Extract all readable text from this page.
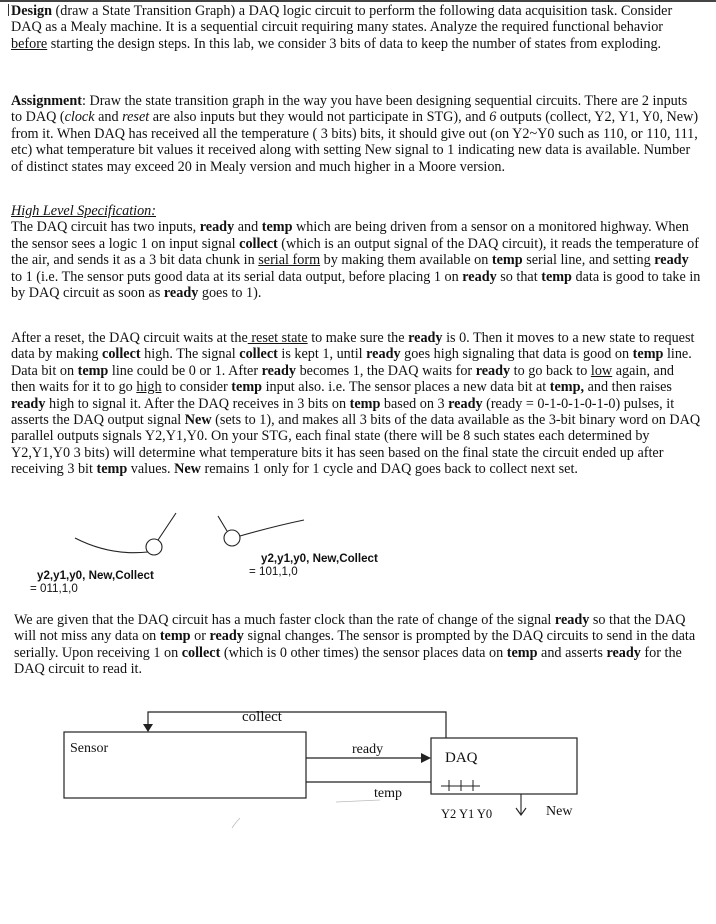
Design (draw a State Transition Graph) a DAQ logic circuit to perform the following data acquisition task. Consider DAQ as a Mealy machine. It is a sequential circuit requiring many states. Analyze the required functional behavior before starting the design steps. In this lab, we consider 3 bits of data to keep the number of states from exploding.

Assignment: Draw the state transition graph in the way you have been designing sequential circuits. There are 2 inputs to DAQ (clock and reset are also inputs but they would not participate in STG), and 6 outputs (collect, Y2, Y1, Y0, New) from it. When DAQ has received all the temperature ( 3 bits) bits, it should give out (on Y2~Y0 such as 110, or 110, 111, etc) what temperature bit values it received along with setting New signal to 1 indicating new data is available. Number of distinct states may exceed 20 in Mealy version and much higher in a Moore version.

High Level Specification:
The DAQ circuit has two inputs, ready and temp which are being driven from a sensor on a monitored highway. When the sensor sees a logic 1 on input signal collect (which is an output signal of the DAQ circuit), it reads the temperature of the air, and sends it as a 3 bit data chunk in serial form by making them available on temp serial line, and setting ready to 1 (i.e. The sensor puts good data at its serial data output, before placing 1 on ready so that temp data is good to take in by DAQ circuit as soon as ready goes to 1).

After a reset, the DAQ circuit waits at the reset state to make sure the ready is 0. Then it moves to a new state to request data by making collect high. The signal collect is kept 1, until ready goes high signaling that data is good on temp line. Data bit on temp line could be 0 or 1. After ready becomes 1, the DAQ waits for ready to go back to low again, and then waits for it to go high to consider temp input also. i.e. The sensor places a new data bit at temp, and then raises ready high to signal it. After the DAQ receives in 3 bits on temp based on 3 ready (ready = 0-1-0-1-0-1-0) pulses, it asserts the DAQ output signal New (sets to 1), and makes all 3 bits of the data available as the 3-bit binary word on DAQ parallel outputs signals Y2,Y1,Y0. On your STG, each final state (there will be 8 such states each determined by Y2,Y1,Y0 3 bits) will determine what temperature bits it has seen based on the final state the circuit ended up after receiving 3 bit temp values. New remains 1 only for 1 cycle and DAQ goes back to collect next set.

y2,y1,y0, New,Collect
= 011,1,0
y2,y1,y0, New,Collect
= 101,1,0

We are given that the DAQ circuit has a much faster clock than the rate of change of the signal ready so that the DAQ will not miss any data on temp or ready signal changes. The sensor is prompted by the DAQ circuits to send in the data serially. Upon receiving 1 on collect (which is 0 other times) the sensor places data on temp and asserts ready for the DAQ circuit to read it.

collect
Sensor
DAQ
ready
temp
Y2 Y1 Y0	New
